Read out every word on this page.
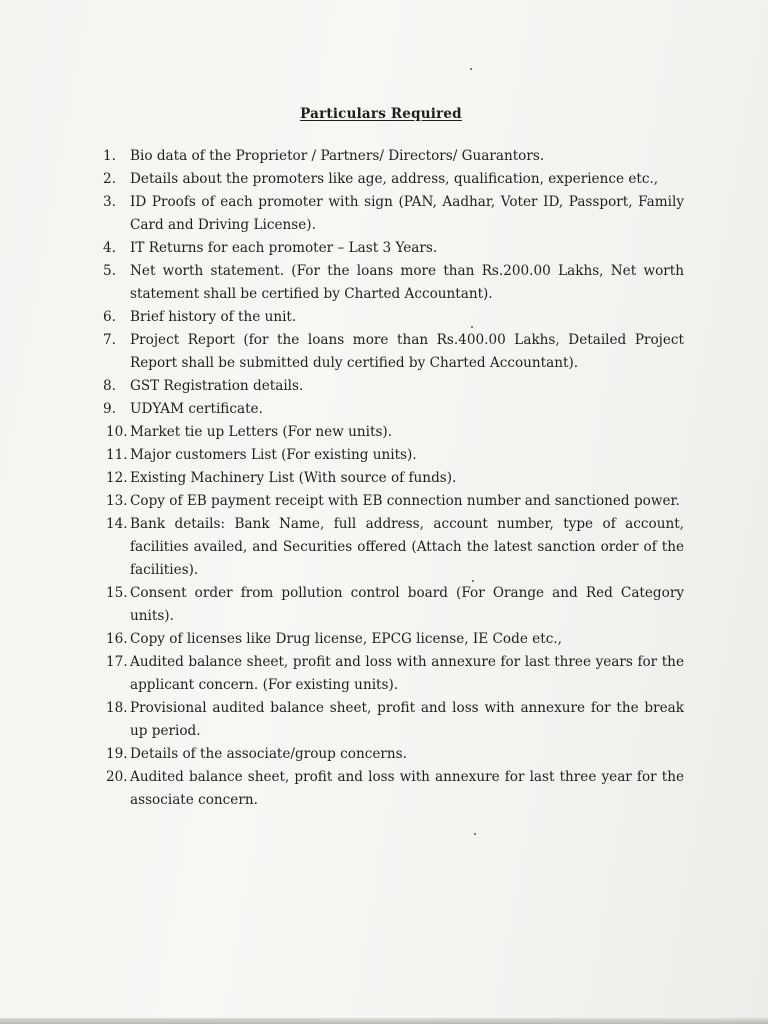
Particulars Required
1. Bio data of the Proprietor / Partners/ Directors/ Guarantors.
2. Details about the promoters like age, address, qualification, experience etc.,
3. ID Proofs of each promoter with sign (PAN, Aadhar, Voter ID, Passport, Family Card and Driving License).
4. IT Returns for each promoter – Last 3 Years.
5. Net worth statement. (For the loans more than Rs.200.00 Lakhs, Net worth statement shall be certified by Charted Accountant).
6. Brief history of the unit.
7. Project Report (for the loans more than Rs.400.00 Lakhs, Detailed Project Report shall be submitted duly certified by Charted Accountant).
8. GST Registration details.
9. UDYAM certificate.
10. Market tie up Letters (For new units).
11. Major customers List (For existing units).
12. Existing Machinery List (With source of funds).
13. Copy of EB payment receipt with EB connection number and sanctioned power.
14. Bank details: Bank Name, full address, account number, type of account, facilities availed, and Securities offered (Attach the latest sanction order of the facilities).
15. Consent order from pollution control board (For Orange and Red Category units).
16. Copy of licenses like Drug license, EPCG license, IE Code etc.,
17. Audited balance sheet, profit and loss with annexure for last three years for the applicant concern. (For existing units).
18. Provisional audited balance sheet, profit and loss with annexure for the break up period.
19. Details of the associate/group concerns.
20. Audited balance sheet, profit and loss with annexure for last three year for the associate concern.
